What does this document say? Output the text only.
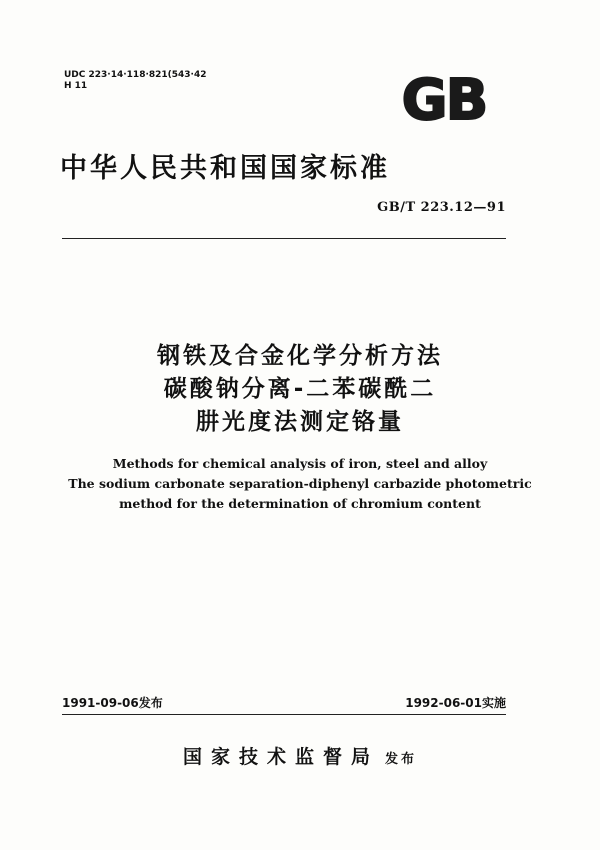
UDC 223·14·118·821(543·42
H 11	GB
中华人民共和国国家标准
GB/T 223.12—91
钢铁及合金化学分析方法
碳酸钠分离-二苯碳酰二
肼光度法测定铬量
Methods for chemical analysis of iron, steel and alloy
The sodium carbonate separation-diphenyl carbazide photometric
method for the determination of chromium content
1991-09-06发布	1992-06-01实施
国家技术监督局 发布
